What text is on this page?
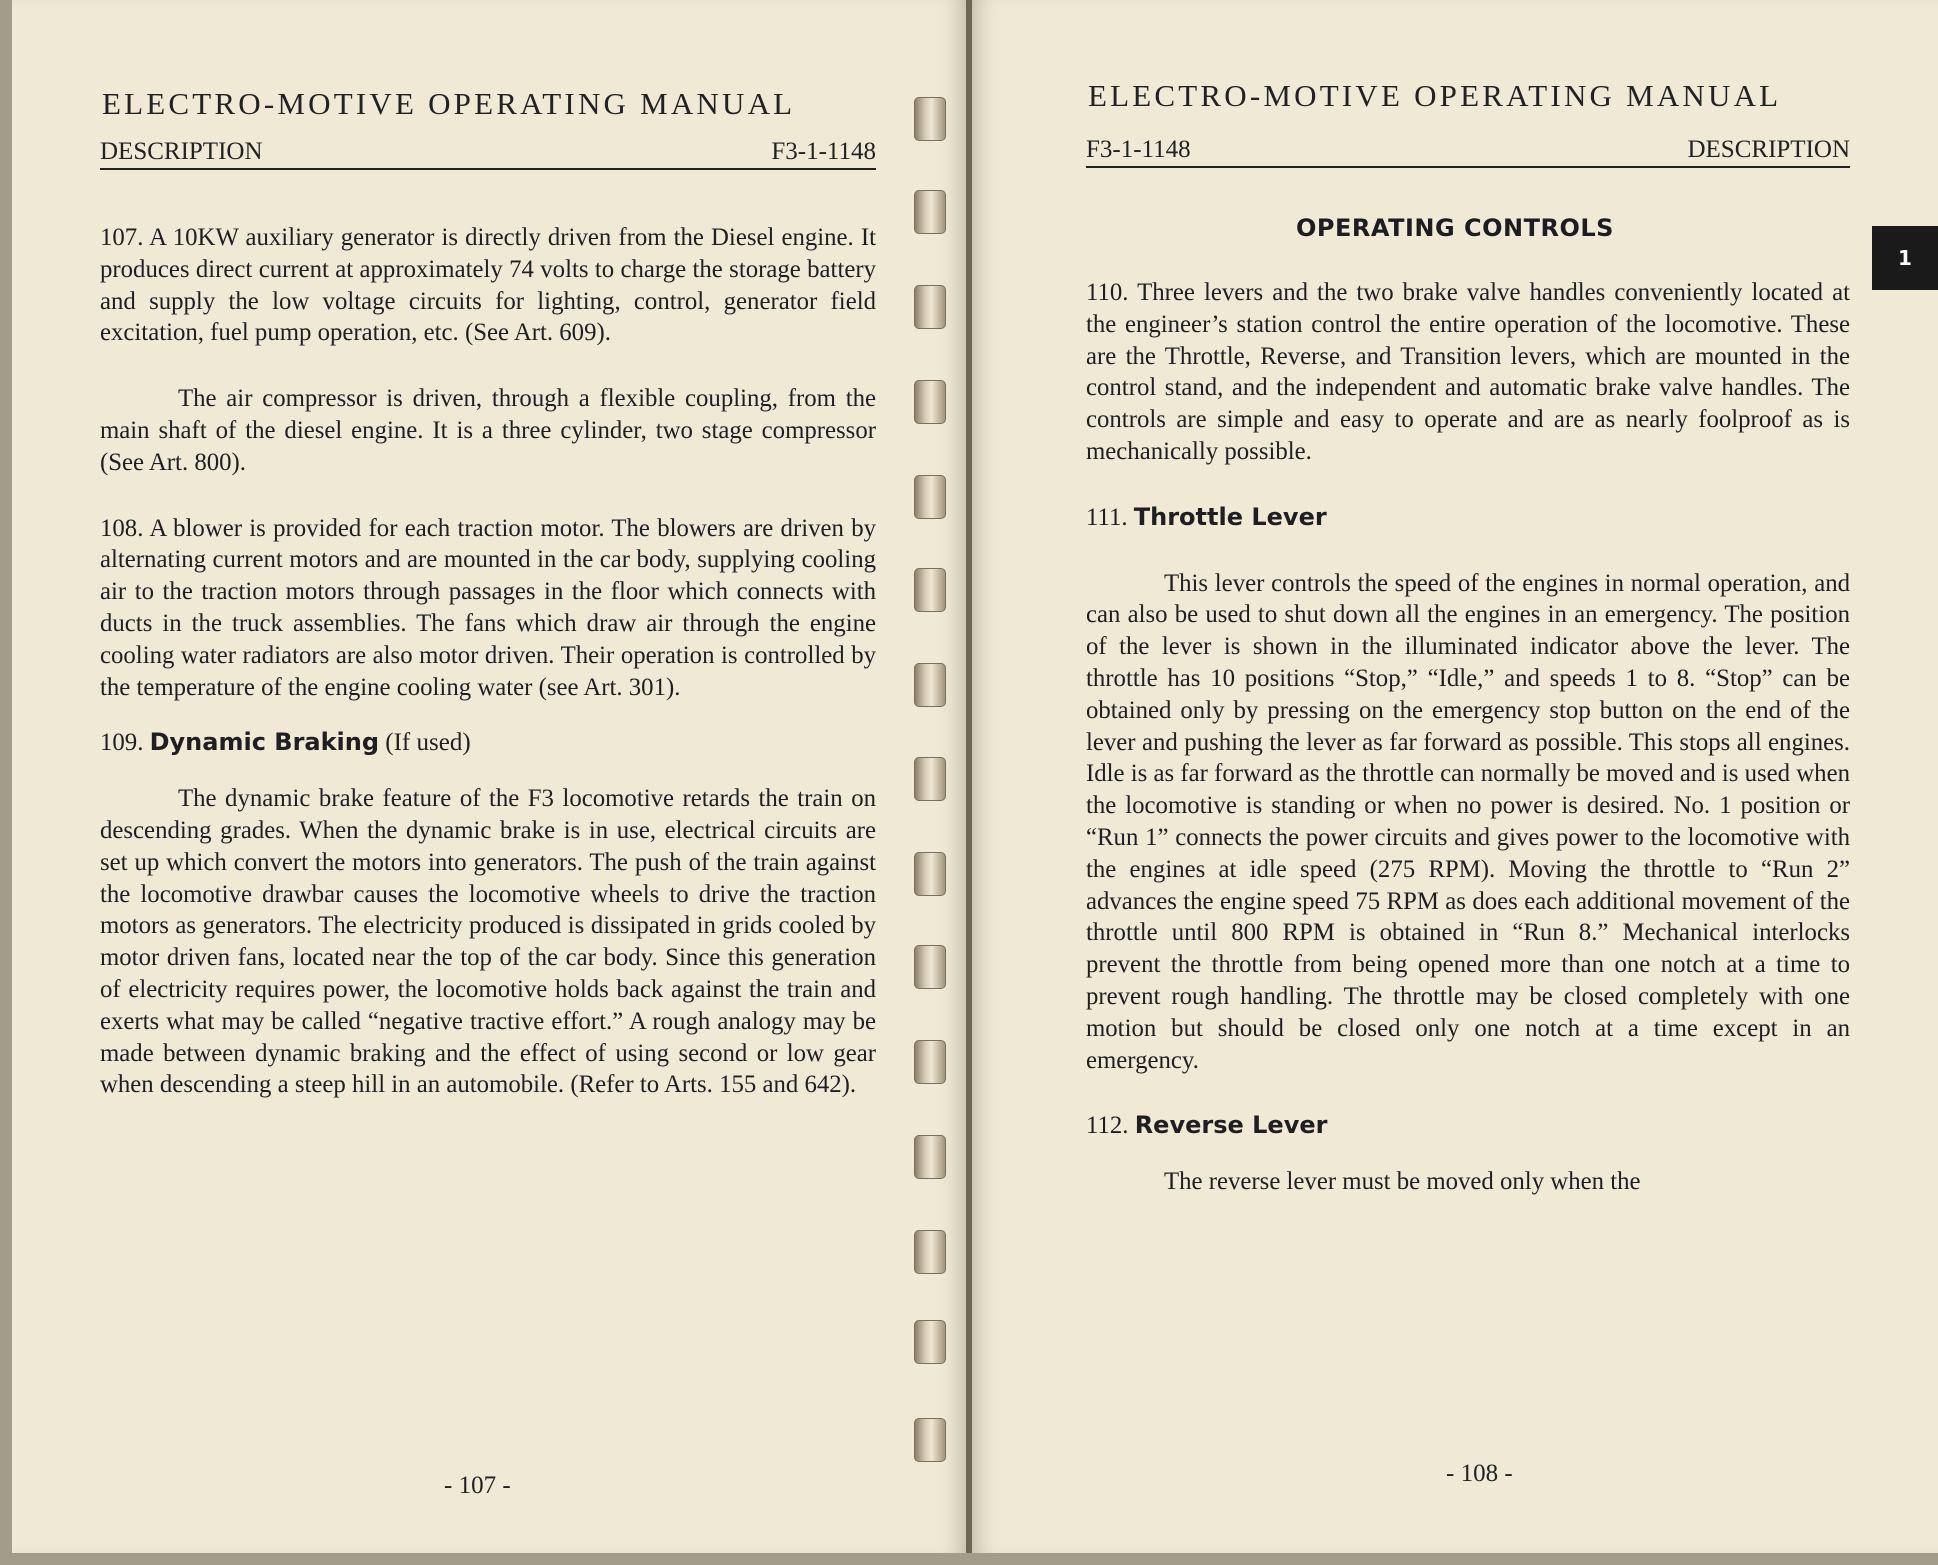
ELECTRO-MOTIVE OPERATING MANUAL
DESCRIPTION	F3-1-1148

107. A 10KW auxiliary generator is directly driven from the Diesel engine. It produces direct current at approximately 74 volts to charge the storage battery and supply the low voltage circuits for lighting, control, generator field excitation, fuel pump operation, etc. (See Art. 609).

The air compressor is driven, through a flexible coupling, from the main shaft of the diesel engine. It is a three cylinder, two stage compressor (See Art. 800).

108. A blower is provided for each traction motor. The blowers are driven by alternating current motors and are mounted in the car body, supplying cooling air to the traction motors through passages in the floor which connects with ducts in the truck assemblies. The fans which draw air through the engine cooling water radiators are also motor driven. Their operation is controlled by the temperature of the engine cooling water (see Art. 301).

109. Dynamic Braking (If used)

The dynamic brake feature of the F3 locomotive retards the train on descending grades. When the dynamic brake is in use, electrical circuits are set up which convert the motors into generators. The push of the train against the locomotive drawbar causes the locomotive wheels to drive the traction motors as generators. The electricity produced is dissipated in grids cooled by motor driven fans, located near the top of the car body. Since this generation of electricity requires power, the locomotive holds back against the train and exerts what may be called “negative tractive effort.” A rough analogy may be made between dynamic braking and the effect of using second or low gear when descending a steep hill in an automobile. (Refer to Arts. 155 and 642).

- 107 -
ELECTRO-MOTIVE OPERATING MANUAL
F3-1-1148	DESCRIPTION
1
OPERATING CONTROLS

110. Three levers and the two brake valve handles conveniently located at the engineer’s station control the entire operation of the locomotive. These are the Throttle, Reverse, and Transition levers, which are mounted in the control stand, and the independent and automatic brake valve handles. The controls are simple and easy to operate and are as nearly foolproof as is mechanically possible.

111. Throttle Lever

This lever controls the speed of the engines in normal operation, and can also be used to shut down all the engines in an emergency. The position of the lever is shown in the illuminated indicator above the lever. The throttle has 10 positions “Stop,” “Idle,” and speeds 1 to 8. “Stop” can be obtained only by pressing on the emergency stop button on the end of the lever and pushing the lever as far forward as possible. This stops all engines. Idle is as far forward as the throttle can normally be moved and is used when the locomotive is standing or when no power is desired. No. 1 position or “Run 1” connects the power circuits and gives power to the locomotive with the engines at idle speed (275 RPM). Moving the throttle to “Run 2” advances the engine speed 75 RPM as does each additional movement of the throttle until 800 RPM is obtained in “Run 8.” Mechanical interlocks prevent the throttle from being opened more than one notch at a time to prevent rough handling. The throttle may be closed completely with one motion but should be closed only one notch at a time except in an emergency.

112. Reverse Lever

The reverse lever must be moved only when the

- 108 -
